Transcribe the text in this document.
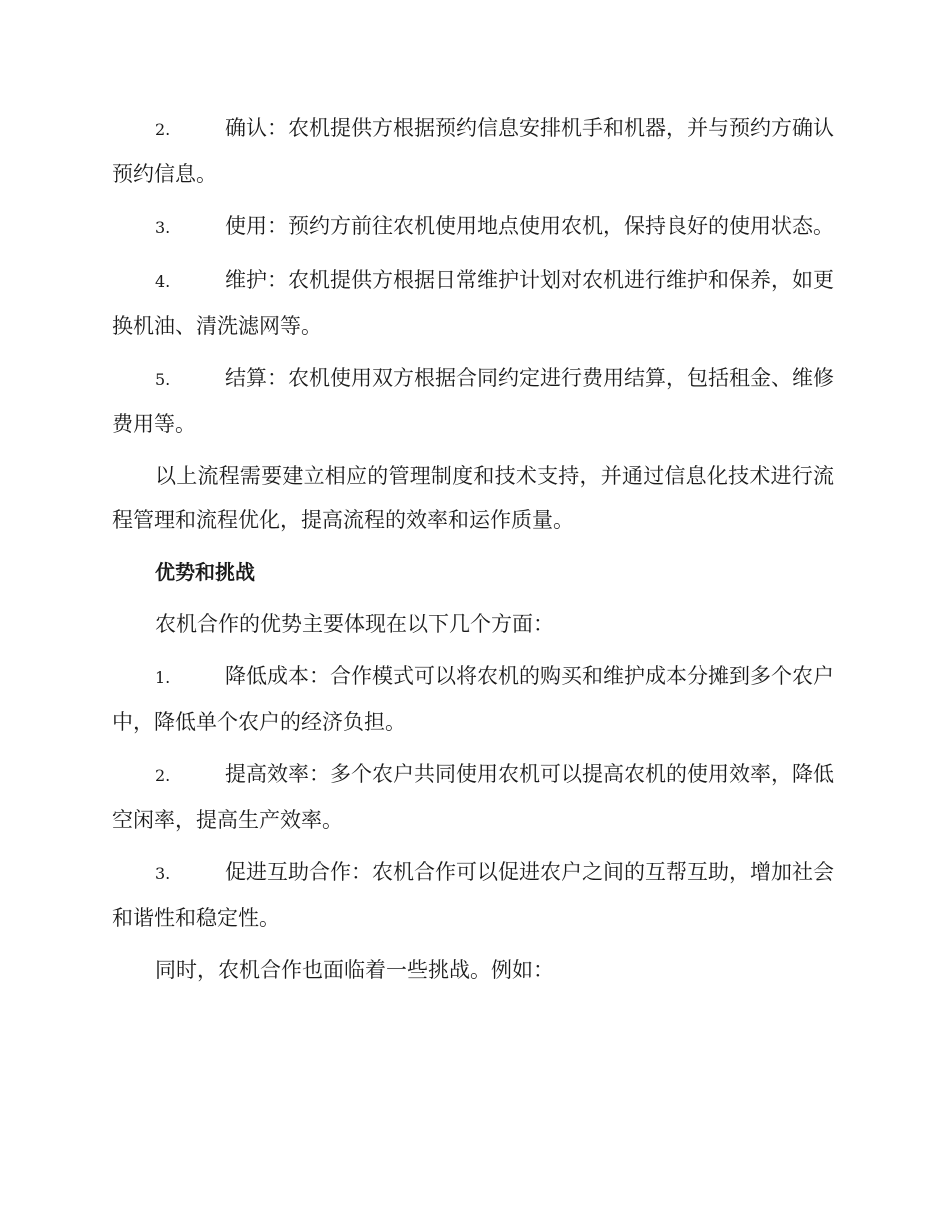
2.	确认：农机提供方根据预约信息安排机手和机器，并与预约方确认预约信息。

3.	使用：预约方前往农机使用地点使用农机，保持良好的使用状态。

4.	维护：农机提供方根据日常维护计划对农机进行维护和保养，如更换机油、清洗滤网等。

5.	结算：农机使用双方根据合同约定进行费用结算，包括租金、维修费用等。

以上流程需要建立相应的管理制度和技术支持，并通过信息化技术进行流程管理和流程优化，提高流程的效率和运作质量。

优势和挑战

农机合作的优势主要体现在以下几个方面：

1.	降低成本：合作模式可以将农机的购买和维护成本分摊到多个农户中，降低单个农户的经济负担。

2.	提高效率：多个农户共同使用农机可以提高农机的使用效率，降低空闲率，提高生产效率。

3.	促进互助合作：农机合作可以促进农户之间的互帮互助，增加社会和谐性和稳定性。

同时，农机合作也面临着一些挑战。例如：
